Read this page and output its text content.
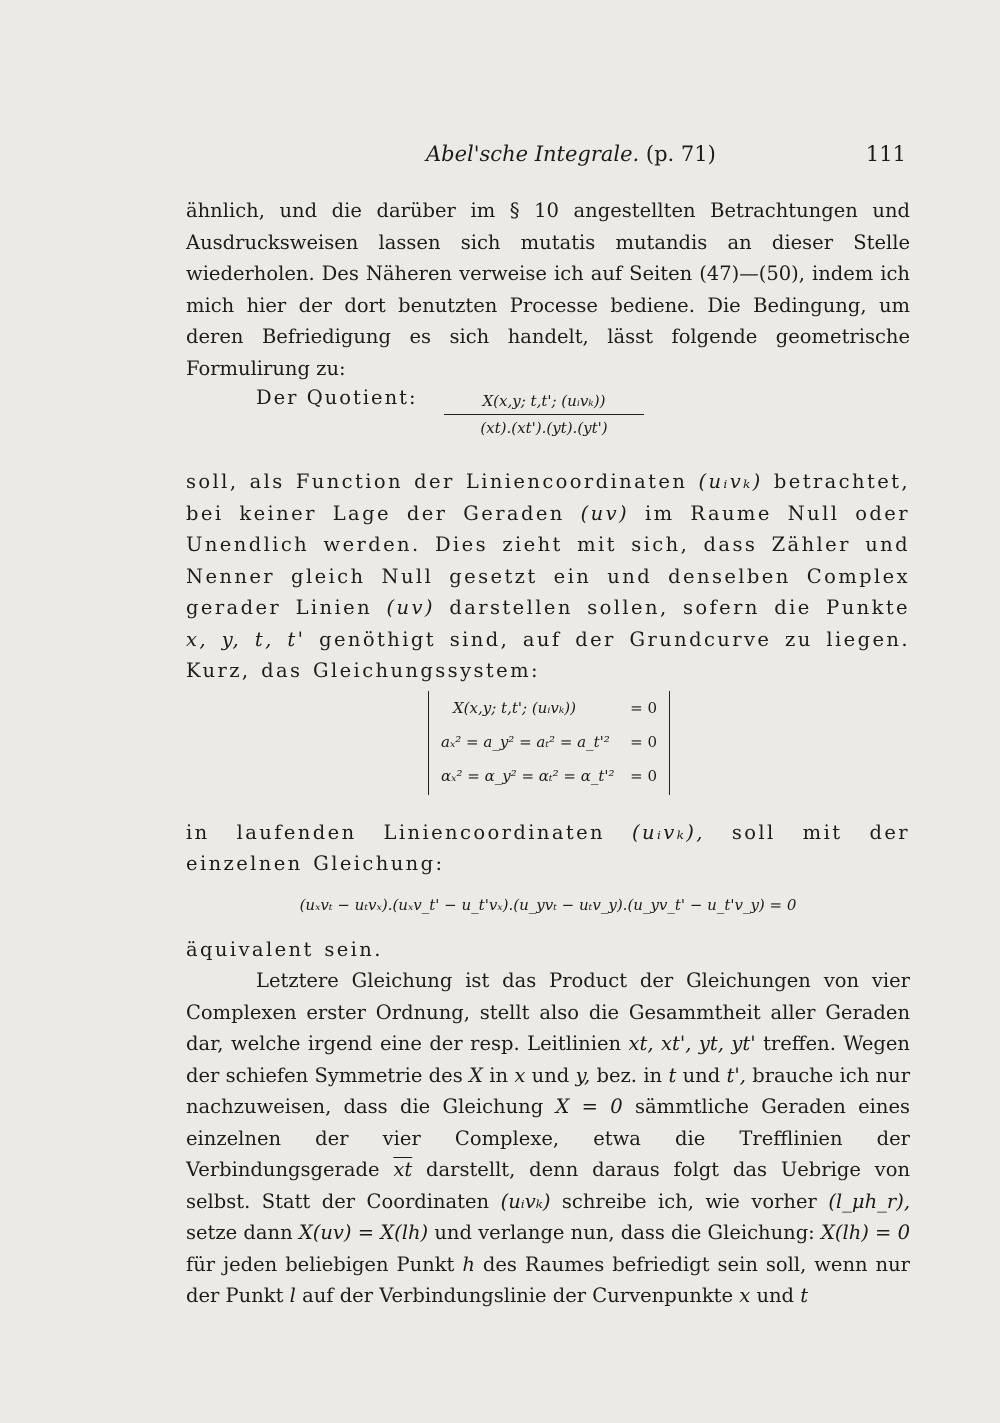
Abel'sche Integrale. (p. 71)	111

ähnlich, und die darüber im § 10 angestellten Betrachtungen und Ausdrucksweisen lassen sich mutatis mutandis an dieser Stelle wiederholen. Des Näheren verweise ich auf Seiten (47)—(50), indem ich mich hier der dort benutzten Processe bediene. Die Bedingung, um deren Befriedigung es sich handelt, lässt folgende geometrische Formulirung zu:

Der Quotient:	X(x,y; t,t'; (uᵢvₖ))
(xt).(xt').(yt).(yt')

soll, als Function der Liniencoordinaten (uᵢvₖ) betrachtet, bei keiner Lage der Geraden (uv) im Raume Null oder Unendlich werden. Dies zieht mit sich, dass Zähler und Nenner gleich Null gesetzt ein und denselben Complex gerader Linien (uv) darstellen sollen, sofern die Punkte x, y, t, t' genöthigt sind, auf der Grundcurve zu liegen. Kurz, das Gleichungssystem:

X(x,y; t,t'; (uᵢvₖ))	= 0
aₓ² = a_y² = aₜ² = a_t'² = 0
αₓ² = α_y² = αₜ² = α_t'² = 0

in laufenden Liniencoordinaten (uᵢvₖ), soll mit der einzelnen Gleichung:

(uₓvₜ − uₜvₓ).(uₓv_t' − u_t'vₓ).(u_yvₜ − uₜv_y).(u_yv_t' − u_t'v_y) = 0

äquivalent sein.

Letztere Gleichung ist das Product der Gleichungen von vier Complexen erster Ordnung, stellt also die Gesammtheit aller Geraden dar, welche irgend eine der resp. Leitlinien xt, xt', yt, yt' treffen. Wegen der schiefen Symmetrie des X in x und y, bez. in t und t', brauche ich nur nachzuweisen, dass die Gleichung X = 0 sämmtliche Geraden eines einzelnen der vier Complexe, etwa die Trefflinien der Verbindungsgerade $\overline{xt}$ darstellt, denn daraus folgt das Uebrige von selbst. Statt der Coordinaten (uᵢvₖ) schreibe ich, wie vorher (l_μh_r), setze dann X(uv) = X(lh) und verlange nun, dass die Gleichung: X(lh) = 0 für jeden beliebigen Punkt h des Raumes befriedigt sein soll, wenn nur der Punkt l auf der Verbindungslinie der Curvenpunkte x und t
